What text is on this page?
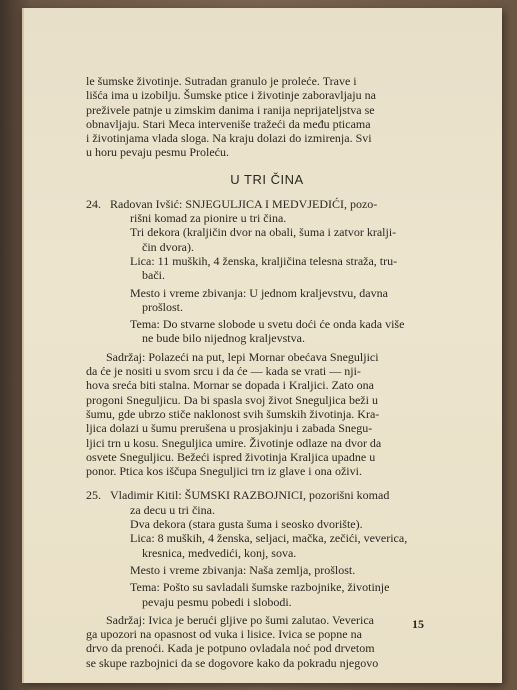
le šumske životinje. Sutradan granulo je proleće. Trave i

lišća ima u izobilju. Šumske ptice i životinje zaboravljaju na

preživele patnje u zimskim danima i ranija neprijateljstva se

obnavljaju. Stari Meca interveniše tražeći da među pticama

i životinjama vlada sloga. Na kraju dolazi do izmirenja. Svi

u horu pevaju pesmu Proleću.

U TRI ČINA
24. Radovan Ivšić: SNJEGULJICA I MEDVJEDIĆI, pozo-

rišni komad za pionire u tri čina.

Tri dekora (kraljičin dvor na obali, šuma i zatvor kralji-

čin dvora).

Lica: 11 muških, 4 ženska, kraljičina telesna straža, tru-

bači.

Mesto i vreme zbivanja: U jednom kraljevstvu, davna

prošlost.

Tema: Do stvarne slobode u svetu doći će onda kada više

ne bude bilo nijednog kraljevstva.

Sadržaj: Polazeći na put, lepi Mornar obećava Snegulјici

da će je nositi u svom srcu i da će — kada se vrati — nji-

hova sreća biti stalna. Mornar se dopada i Kraljici. Zato ona

progoni Snegulјicu. Da bi spasla svoj život Snegulјica beži u

šumu, gde ubrzo stiče naklonost svih šumskih životinja. Kra-

ljica dolazi u šumu prerušena u prosjakinju i zabada Snegu-

ljici trn u kosu. Snegulјica umire. Životinje odlaze na dvor da

osvete Snegulјicu. Bežeći ispred životinja Kraljica upadne u

ponor. Ptica kos iščupa Snegulјici trn iz glave i ona oživi.

25. Vladimir Kitil: ŠUMSKI RAZBOJNICI, pozorišni komad

za decu u tri čina.

Dva dekora (stara gusta šuma i seosko dvorište).

Lica: 8 muških, 4 ženska, seljaci, mačka, zečići, veverica,

kresnica, medvedići, konj, sova.

Mesto i vreme zbivanja: Naša zemlja, prošlost.

Tema: Pošto su savladali šumske razbojnike, životinje

pevaju pesmu pobedi i slobodi.

Sadržaj: Ivica je berući gljive po šumi zalutao. Veverica

ga upozori na opasnost od vuka i lisice. Ivica se popne na

drvo da prenoći. Kada je potpuno ovladala noć pod drvetom

se skupe razbojnici da se dogovore kako da pokradu njegovo

15
